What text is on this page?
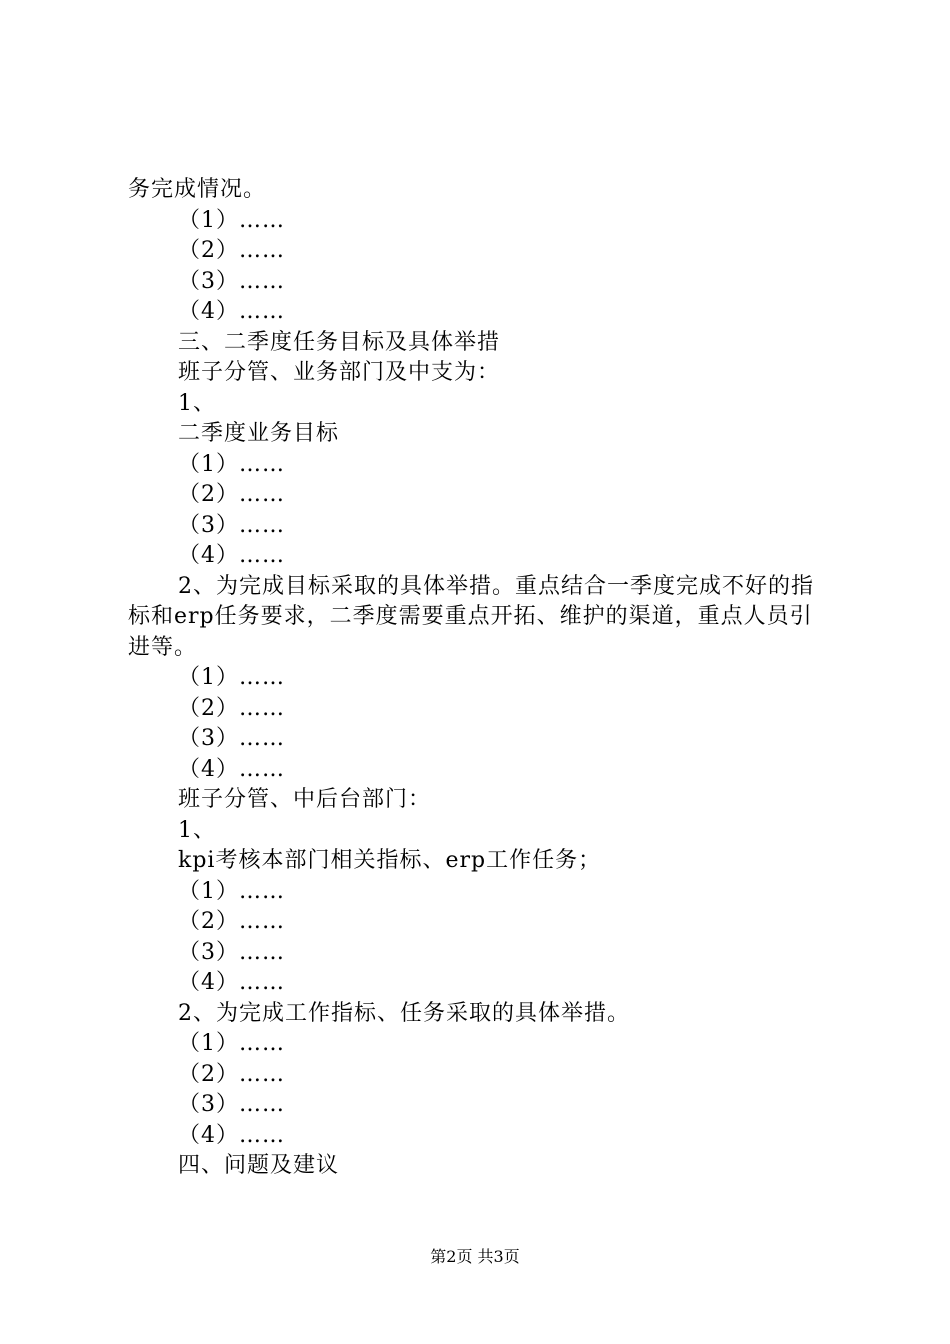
务完成情况。
（1）……
（2）……
（3）……
（4）……
三、二季度任务目标及具体举措
班子分管、业务部门及中支为：
1、
二季度业务目标
（1）……
（2）……
（3）……
（4）……
2、为完成目标采取的具体举措。重点结合一季度完成不好的指标和erp任务要求，二季度需要重点开拓、维护的渠道，重点人员引进等。
（1）……
（2）……
（3）……
（4）……
班子分管、中后台部门：
1、
kpi考核本部门相关指标、erp工作任务；
（1）……
（2）……
（3）……
（4）……
2、为完成工作指标、任务采取的具体举措。
（1）……
（2）……
（3）……
（4）……
四、问题及建议
第2页 共3页
